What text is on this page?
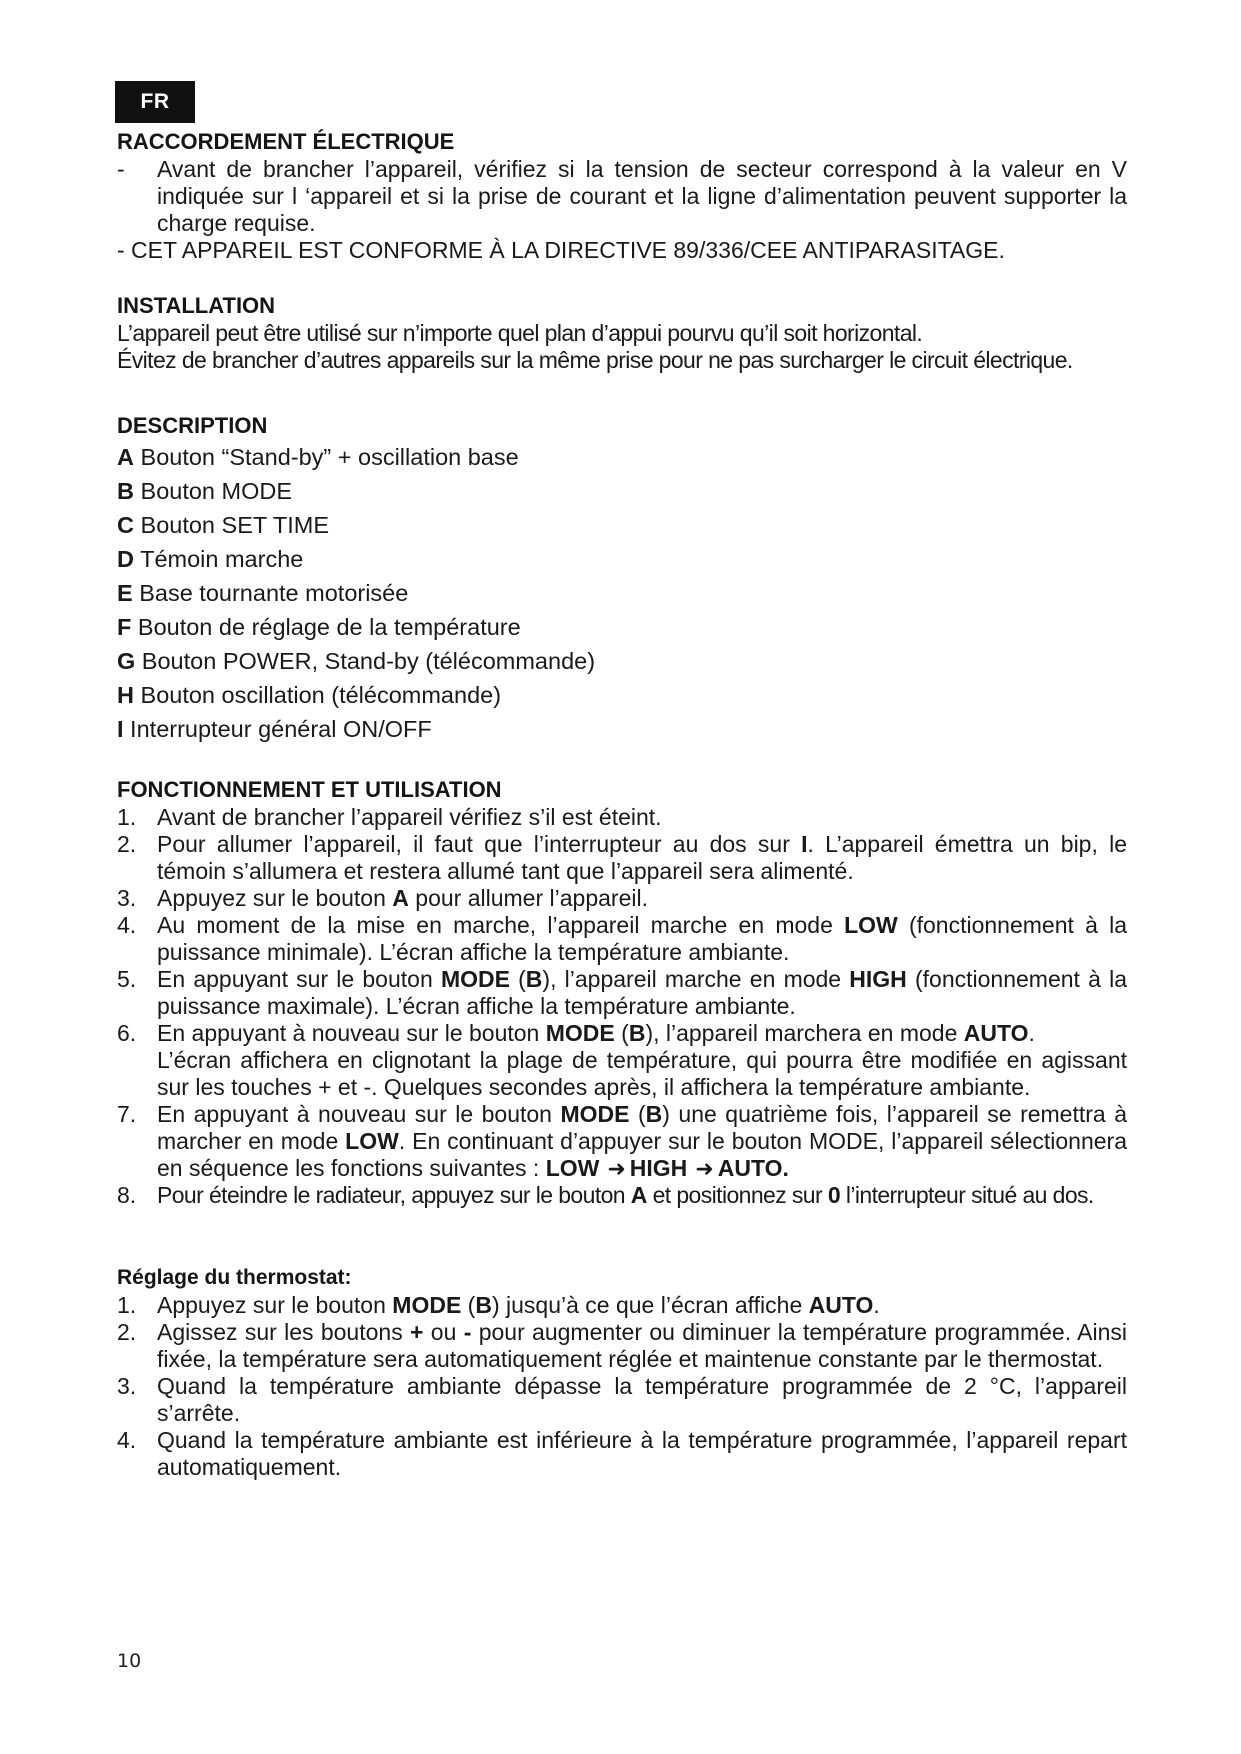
FR
RACCORDEMENT ÉLECTRIQUE
- Avant de brancher l’appareil, vérifiez si la tension de secteur correspond à la valeur en V indiquée sur l ‘appareil et si la prise de courant et la ligne d’alimentation peuvent supporter la charge requise.

- CET APPAREIL EST CONFORME À LA DIRECTIVE 89/336/CEE ANTIPARASITAGE.

INSTALLATION

L’appareil peut être utilisé sur n’importe quel plan d’appui pourvu qu’il soit horizontal.

Évitez de brancher d’autres appareils sur la même prise pour ne pas surcharger le circuit électrique.

DESCRIPTION
A Bouton “Stand-by” + oscillation base
B Bouton MODE
C Bouton SET TIME
D Témoin marche
E Base tournante motorisée
F Bouton de réglage de la température
G Bouton POWER, Stand-by (télécommande)
H Bouton oscillation (télécommande)
I Interrupteur général ON/OFF
FONCTIONNEMENT ET UTILISATION
1. Avant de brancher l’appareil vérifiez s’il est éteint.
2. Pour allumer l’appareil, il faut que l’interrupteur au dos sur I. L’appareil émettra un bip, le témoin s’allumera et restera allumé tant que l’appareil sera alimenté.
3. Appuyez sur le bouton A pour allumer l’appareil.
4. Au moment de la mise en marche, l’appareil marche en mode LOW (fonctionnement à la puissance minimale). L’écran affiche la température ambiante.
5. En appuyant sur le bouton MODE (B), l’appareil marche en mode HIGH (fonctionnement à la puissance maximale). L’écran affiche la température ambiante.
6. En appuyant à nouveau sur le bouton MODE (B), l’appareil marchera en mode AUTO.
L’écran affichera en clignotant la plage de température, qui pourra être modifiée en agissant sur les touches + et -. Quelques secondes après, il affichera la température ambiante.
7. En appuyant à nouveau sur le bouton MODE (B) une quatrième fois, l’appareil se remettra à marcher en mode LOW. En continuant d’appuyer sur le bouton MODE, l’appareil sélectionnera en séquence les fonctions suivantes : LOW ➜ HIGH ➜ AUTO.
8. Pour éteindre le radiateur, appuyez sur le bouton A et positionnez sur 0 l’interrupteur situé au dos.
Réglage du thermostat:
1. Appuyez sur le bouton MODE (B) jusqu’à ce que l’écran affiche AUTO.
2. Agissez sur les boutons + ou - pour augmenter ou diminuer la température programmée. Ainsi fixée, la température sera automatiquement réglée et maintenue constante par le thermostat.
3. Quand la température ambiante dépasse la température programmée de 2 °C, l’appareil s’arrête.
4. Quand la température ambiante est inférieure à la température programmée, l’appareil repart automatiquement.
10
